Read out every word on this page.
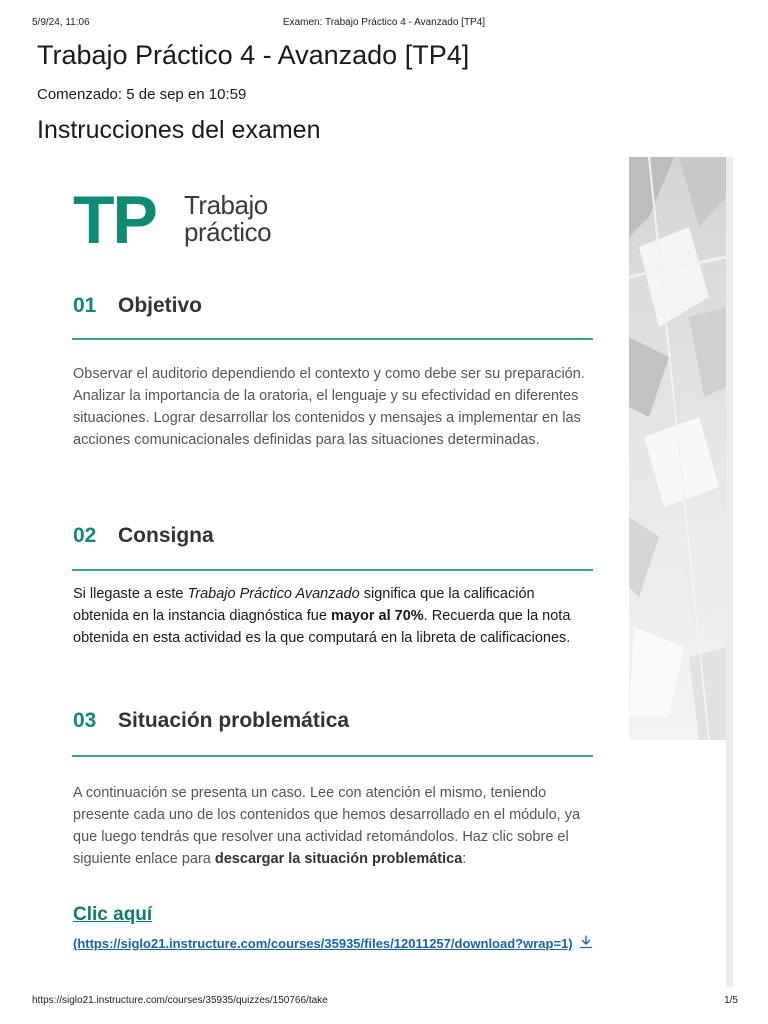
5/9/24, 11:06	Examen: Trabajo Práctico 4 - Avanzado [TP4]
Trabajo Práctico 4 - Avanzado [TP4]
Comenzado: 5 de sep en 10:59
Instrucciones del examen
TP Trabajo
práctico
01 Objetivo

Observar el auditorio dependiendo el contexto y como debe ser su preparación. Analizar la importancia de la oratoria, el lenguaje y su efectividad en diferentes situaciones. Lograr desarrollar los contenidos y mensajes a implementar en las acciones comunicacionales definidas para las situaciones determinadas.

02 Consigna

Si llegaste a este Trabajo Práctico Avanzado significa que la calificación obtenida en la instancia diagnóstica fue mayor al 70%. Recuerda que la nota obtenida en esta actividad es la que computará en la libreta de calificaciones.

03 Situación problemática

A continuación se presenta un caso. Lee con atención el mismo, teniendo presente cada uno de los contenidos que hemos desarrollado en el módulo, ya que luego tendrás que resolver una actividad retomándolos. Haz clic sobre el siguiente enlace para descargar la situación problemática:

Clic aquí
(https://siglo21.instructure.com/courses/35935/files/12011257/download?wrap=1)
https://siglo21.instructure.com/courses/35935/quizzes/150766/take	1/5
